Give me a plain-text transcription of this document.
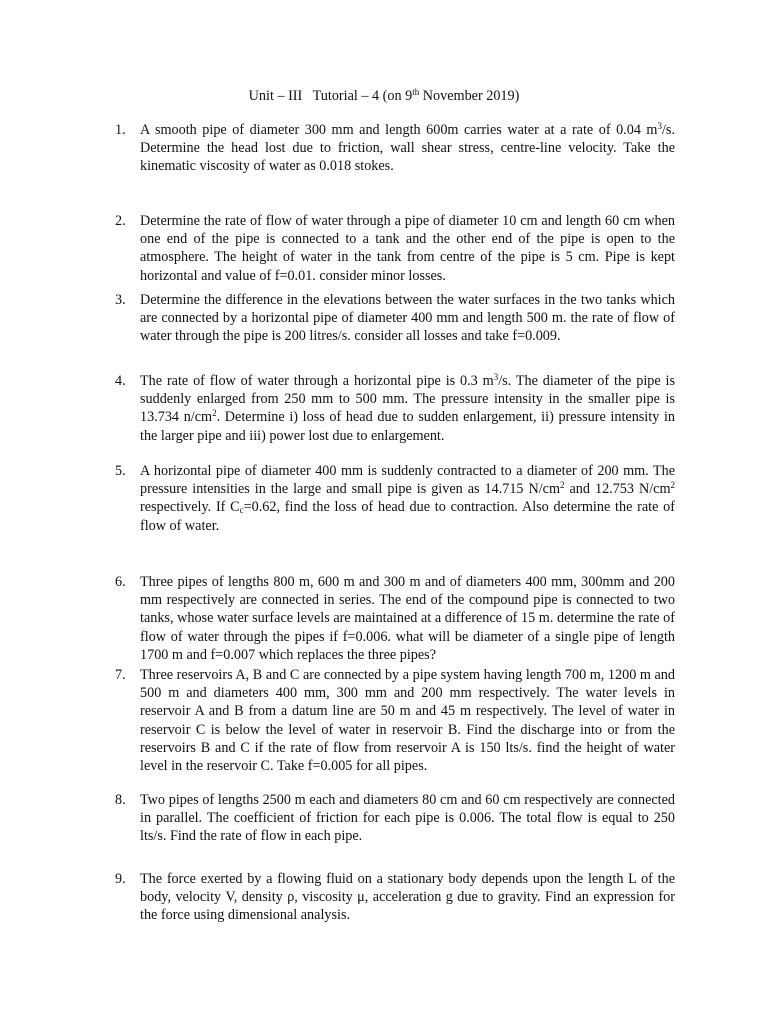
Unit – III   Tutorial – 4 (on 9th November 2019)
1. A smooth pipe of diameter 300 mm and length 600m carries water at a rate of 0.04 $m^3/s$. Determine the head lost due to friction, wall shear stress, centre-line velocity. Take the kinematic viscosity of water as 0.018 stokes.
2. Determine the rate of flow of water through a pipe of diameter 10 cm and length 60 cm when one end of the pipe is connected to a tank and the other end of the pipe is open to the atmosphere. The height of water in the tank from centre of the pipe is 5 cm. Pipe is kept horizontal and value of f=0.01. consider minor losses.
3. Determine the difference in the elevations between the water surfaces in the two tanks which are connected by a horizontal pipe of diameter 400 mm and length 500 m. the rate of flow of water through the pipe is 200 litres/s. consider all losses and take f=0.009.
4. The rate of flow of water through a horizontal pipe is 0.3 $m^3/s$. The diameter of the pipe is suddenly enlarged from 250 mm to 500 mm. The pressure intensity in the smaller pipe is 13.734 $n/cm^2$. Determine i) loss of head due to sudden enlargement, ii) pressure intensity in the larger pipe and iii) power lost due to enlargement.
5. A horizontal pipe of diameter 400 mm is suddenly contracted to a diameter of 200 mm. The pressure intensities in the large and small pipe is given as 14.715 $N/cm^2$ and 12.753 $N/cm^2$ respectively. If $C_c=0.62$, find the loss of head due to contraction. Also determine the rate of flow of water.
6. Three pipes of lengths 800 m, 600 m and 300 m and of diameters 400 mm, 300mm and 200 mm respectively are connected in series. The end of the compound pipe is connected to two tanks, whose water surface levels are maintained at a difference of 15 m. determine the rate of flow of water through the pipes if f=0.006. what will be diameter of a single pipe of length 1700 m and f=0.007 which replaces the three pipes?
7. Three reservoirs A, B and C are connected by a pipe system having length 700 m, 1200 m and 500 m and diameters 400 mm, 300 mm and 200 mm respectively. The water levels in reservoir A and B from a datum line are 50 m and 45 m respectively. The level of water in reservoir C is below the level of water in reservoir B. Find the discharge into or from the reservoirs B and C if the rate of flow from reservoir A is 150 lts/s. find the height of water level in the reservoir C. Take f=0.005 for all pipes.
8. Two pipes of lengths 2500 m each and diameters 80 cm and 60 cm respectively are connected in parallel. The coefficient of friction for each pipe is 0.006. The total flow is equal to 250 lts/s. Find the rate of flow in each pipe.
9. The force exerted by a flowing fluid on a stationary body depends upon the length L of the body, velocity V, density ρ, viscosity μ, acceleration g due to gravity. Find an expression for the force using dimensional analysis.
